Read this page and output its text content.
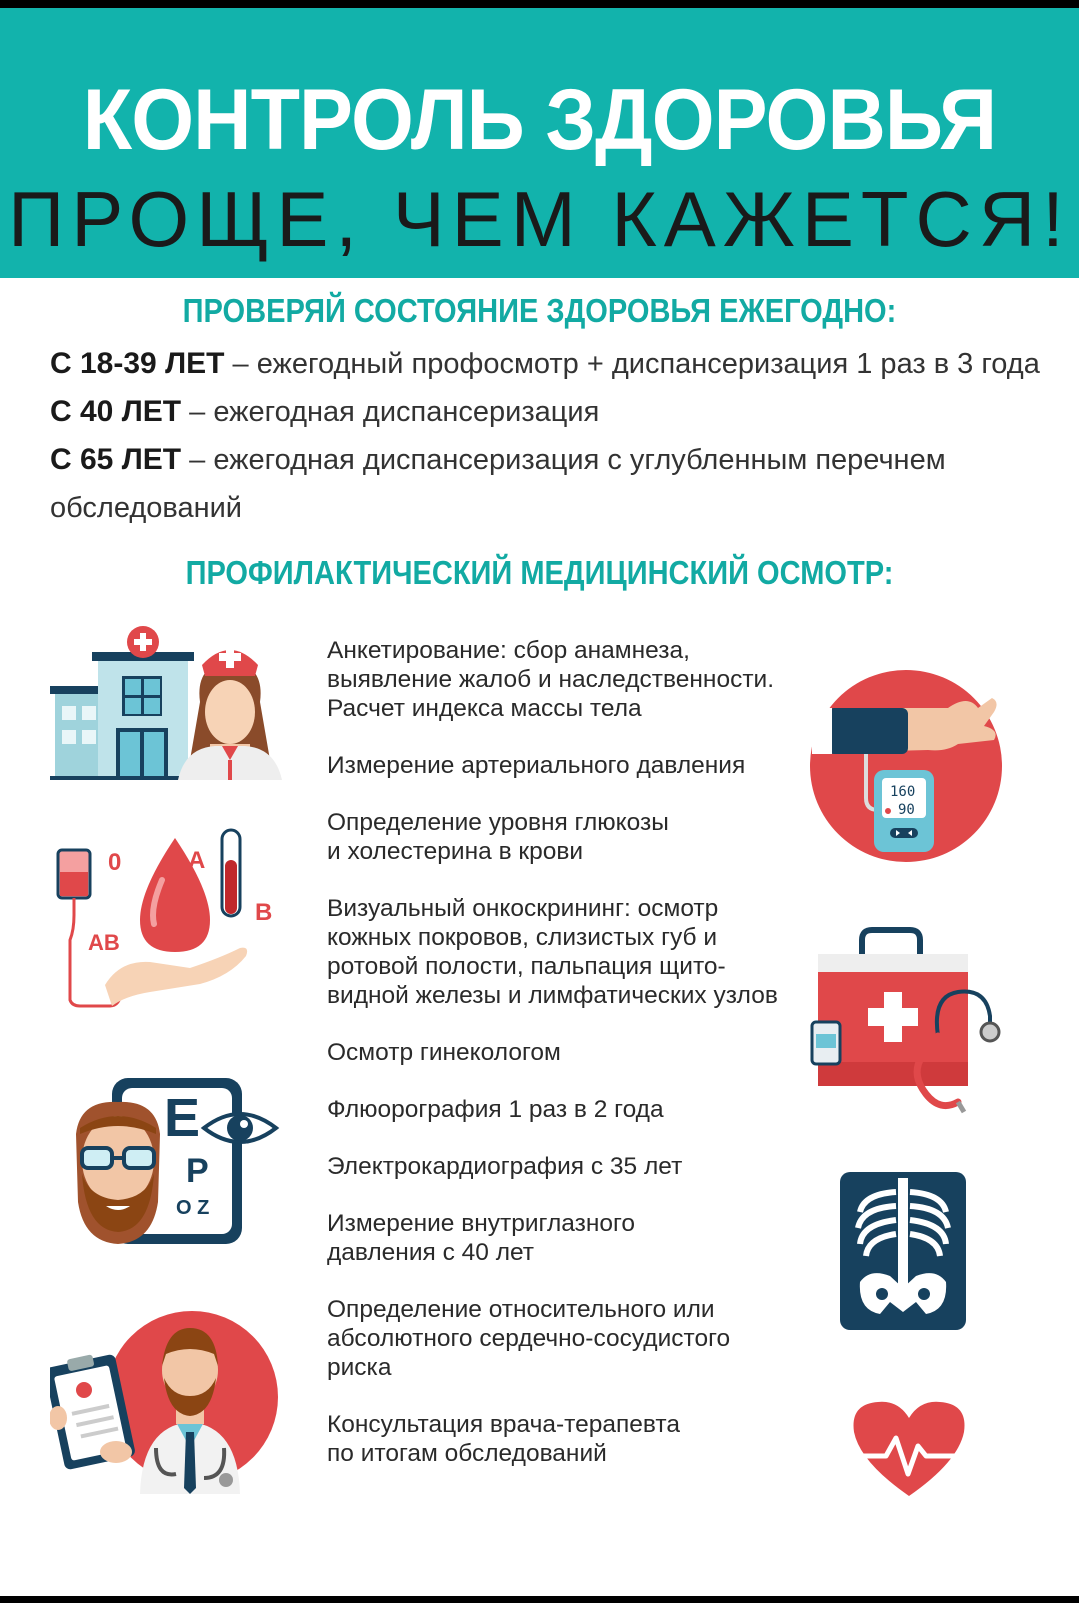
КОНТРОЛЬ ЗДОРОВЬЯ
ПРОЩЕ, ЧЕМ КАЖЕТСЯ!
ПРОВЕРЯЙ СОСТОЯНИЕ ЗДОРОВЬЯ ЕЖЕГОДНО:

С 18-39 ЛЕТ – ежегодный профосмотр + диспансеризация 1 раз в 3 года

С 40 ЛЕТ – ежегодная диспансеризация

С 65 ЛЕТ – ежегодная диспансеризация с углубленным перечнем обследований

ПРОФИЛАКТИЧЕСКИЙ МЕДИЦИНСКИЙ ОСМОТР:

Анкетирование: сбор анамнеза,
выявление жалоб и наследственности.
Расчет индекса массы тела

Измерение артериального давления

Определение уровня глюкозы
и холестерина в крови

Визуальный онкоскрининг: осмотр
кожных покровов, слизистых губ и
ротовой полости, пальпация щито-
видной железы и лимфатических узлов

Осмотр гинекологом

Флюорография 1 раз в 2 года

Электрокардиография с 35 лет

Измерение внутриглазного
давления с 40 лет

Определение относительного или
абсолютного сердечно-сосудистого
риска

Консультация врача-терапевта
по итогам обследований

0	A
B
AB
E
P
O Z
160
90
